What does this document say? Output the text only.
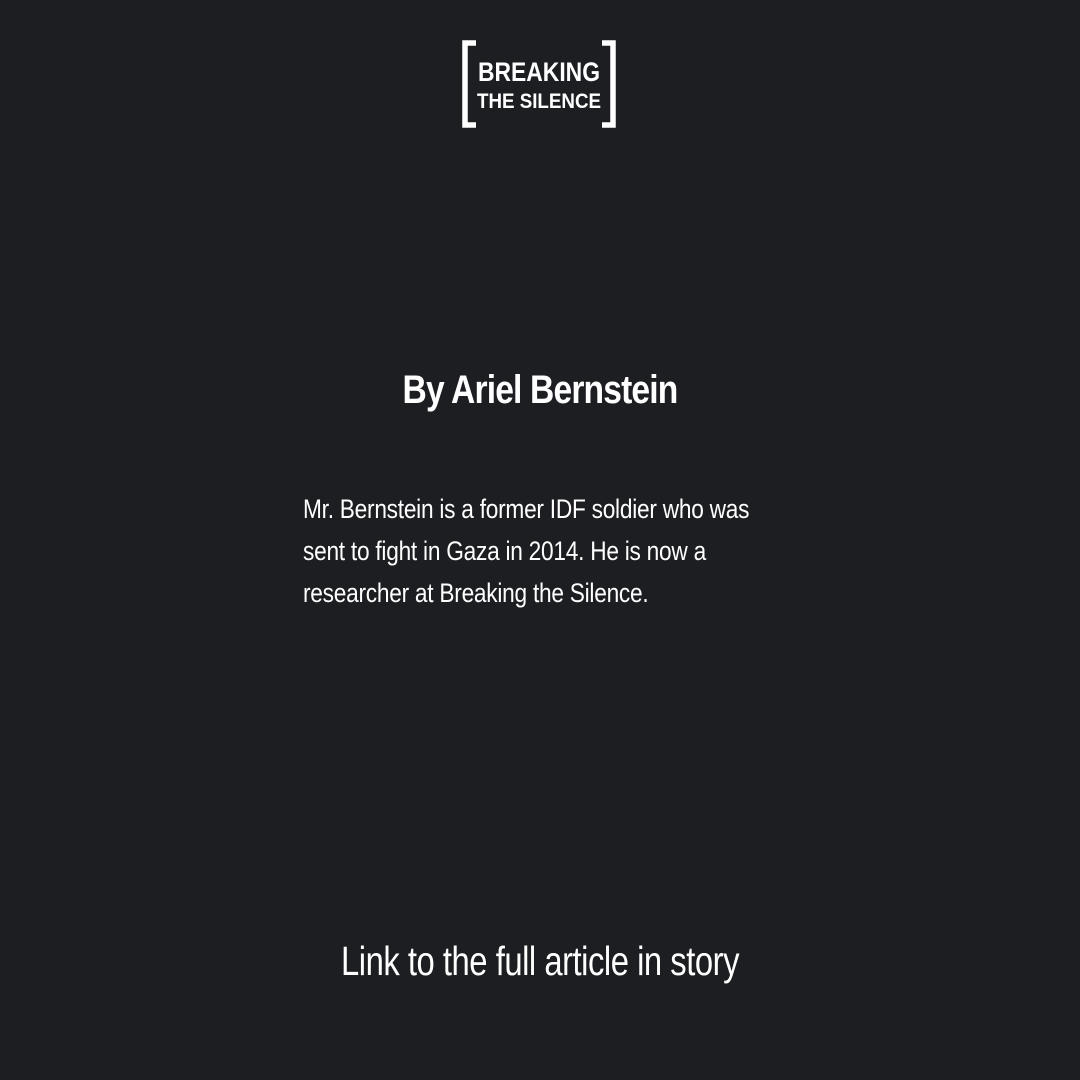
BREAKING
THE SILENCE
By Ariel Bernstein
Mr. Bernstein is a former IDF soldier who was
sent to fight in Gaza in 2014. He is now a
researcher at Breaking the Silence.
Link to the full article in story
